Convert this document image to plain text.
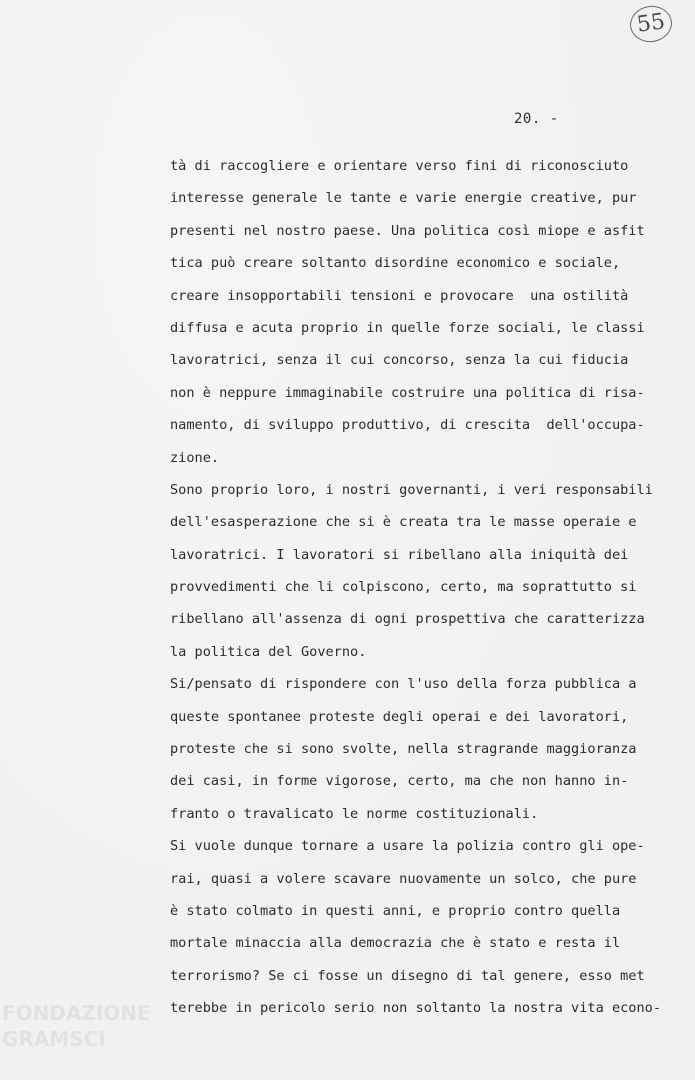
55
20. -
tà di raccogliere e orientare verso fini di riconosciuto
interesse generale le tante e varie energie creative, pur
presenti nel nostro paese. Una politica così miope e asfit
tica può creare soltanto disordine economico e sociale,
creare insopportabili tensioni e provocare  una ostilità
diffusa e acuta proprio in quelle forze sociali, le classi
lavoratrici, senza il cui concorso, senza la cui fiducia
non è neppure immaginabile costruire una politica di risa-
namento, di sviluppo produttivo, di crescita  dell'occupa-
zione.
Sono proprio loro, i nostri governanti, i veri responsabili
dell'esasperazione che si è creata tra le masse operaie e
lavoratrici. I lavoratori si ribellano alla iniquità dei
provvedimenti che li colpiscono, certo, ma soprattutto si
ribellano all'assenza di ogni prospettiva che caratterizza
la politica del Governo.
Si/pensato di rispondere con l'uso della forza pubblica a
queste spontanee proteste degli operai e dei lavoratori,
proteste che si sono svolte, nella stragrande maggioranza
dei casi, in forme vigorose, certo, ma che non hanno in-
franto o travalicato le norme costituzionali.
Si vuole dunque tornare a usare la polizia contro gli ope-
rai, quasi a volere scavare nuovamente un solco, che pure
è stato colmato in questi anni, e proprio contro quella
mortale minaccia alla democrazia che è stato e resta il
terrorismo? Se ci fosse un disegno di tal genere, esso met
terebbe in pericolo serio non soltanto la nostra vita econo-
FONDAZIONE
GRAMSCI
